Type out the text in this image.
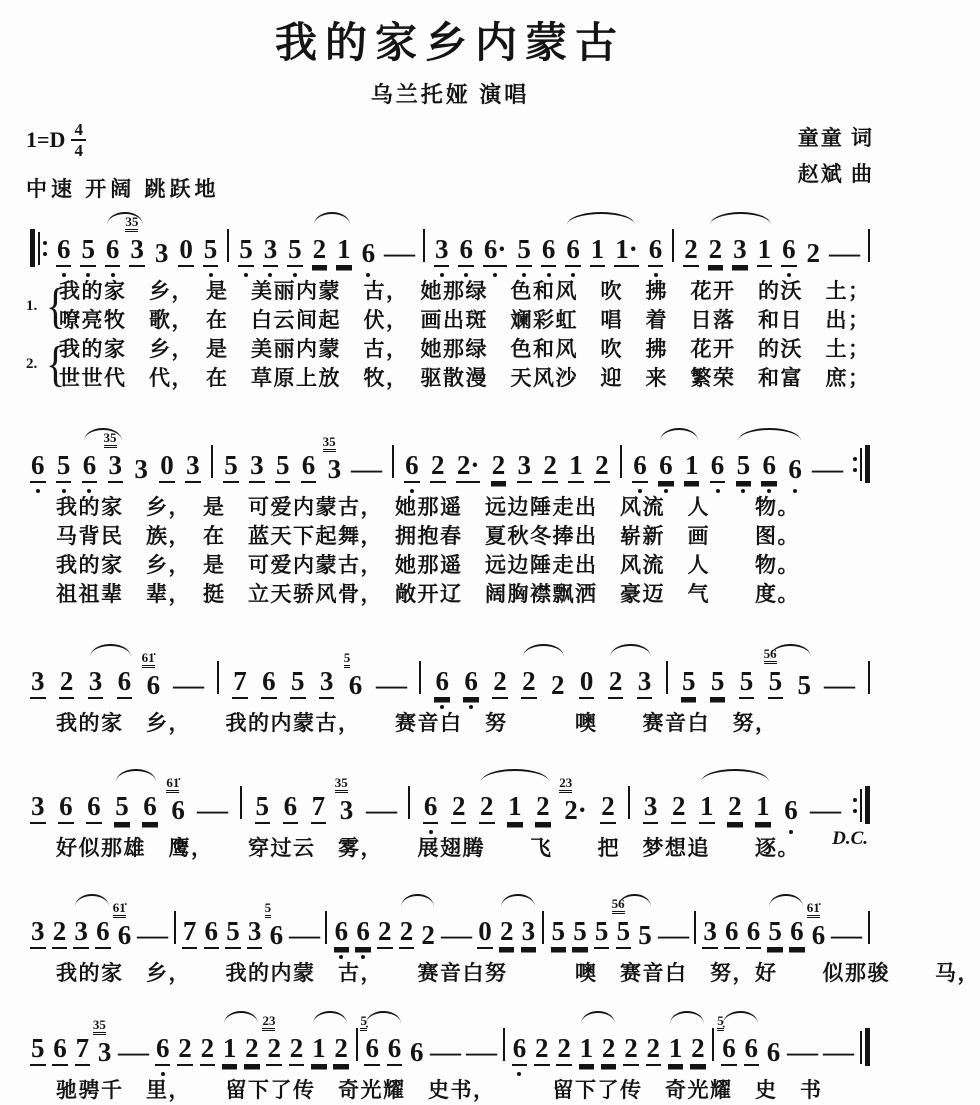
我的家乡内蒙古
乌兰托娅 演唱
$1=D \frac{4}{4}$
中速 开阔 跳跃地
童童 词
赵斌 曲
6 5 6
35
3 3 0 5 5 3 5 2 1 6 — 3 6 6· 5 6 6 1 1· 6 2 2 3 1 6 2 —
1. {
我的家　乡，　是　美丽内蒙　古，　她那绿　色和风　吹　拂　花开　的沃　土；
嘹亮牧　歌，　在　白云间起　伏，　画出斑　斓彩虹　唱　着　日落　和日　出；
2. {
我的家　乡，　是　美丽内蒙　古，　她那绿　色和风　吹　拂　花开　的沃　土；
世世代　代，　在　草原上放　牧，　驱散漫　天风沙　迎　来　繁荣　和富　庶；
6 5 6
35
3 3 0 3 5 3 5 6
35
3 — 6 2 2· 2 3 2 1 2 6 6 1 6 5 6 6 —
我的家　乡，　是　可爱内蒙古，　她那遥　远边陲走出　风流　人　　物。
马背民　族，　在　蓝天下起舞，　拥抱春　夏秋冬捧出　崭新　画　　图。
我的家　乡，　是　可爱内蒙古，　她那遥　远边陲走出　风流　人　　物。
祖祖辈　辈，　挺　立天骄风骨，　敞开辽　阔胸襟飘洒　豪迈　气　　度。
3 2 3 6
61̇
6 — 7 6 5 3
5
6 — 6 6 2 2 2 0 2 3 5 5 5
56
5 5 —
我的家　乡，　　我的内蒙古，　　赛音白　努　　　噢　　赛音白　努，
3 6 6 5 6
61̇
6 — 5 6 7
35
3 — 6 2 2 1 2
23
2· 2 3 2 1 2 1 6 —
D.C.
好似那雄　鹰，　　穿过云　雾，　　展翅腾　　飞　　把　梦想追　　逐。
3 2 3 6
61̇
6 — 7 6 5 3
5
6 — 6 6 2 2 2 — 0 2 3 5 5 5
56
5 5 — 3 6 6 5 6
61̇
6 —
我的家　乡，　　我的内蒙　古，　　赛音白努　　　噢　赛音白　努，好　　似那骏　　马，
5 6 7
35
3 — 6 2 2 1 2
23
2 2 1 2
5̣
6 6 6 — — 6 2 2 1 2 2 2 1 2
5̣
6 6 6 — —
驰骋千　里，　　留下了传　奇光耀　史书，　　　留下了传　奇光耀　史　书
